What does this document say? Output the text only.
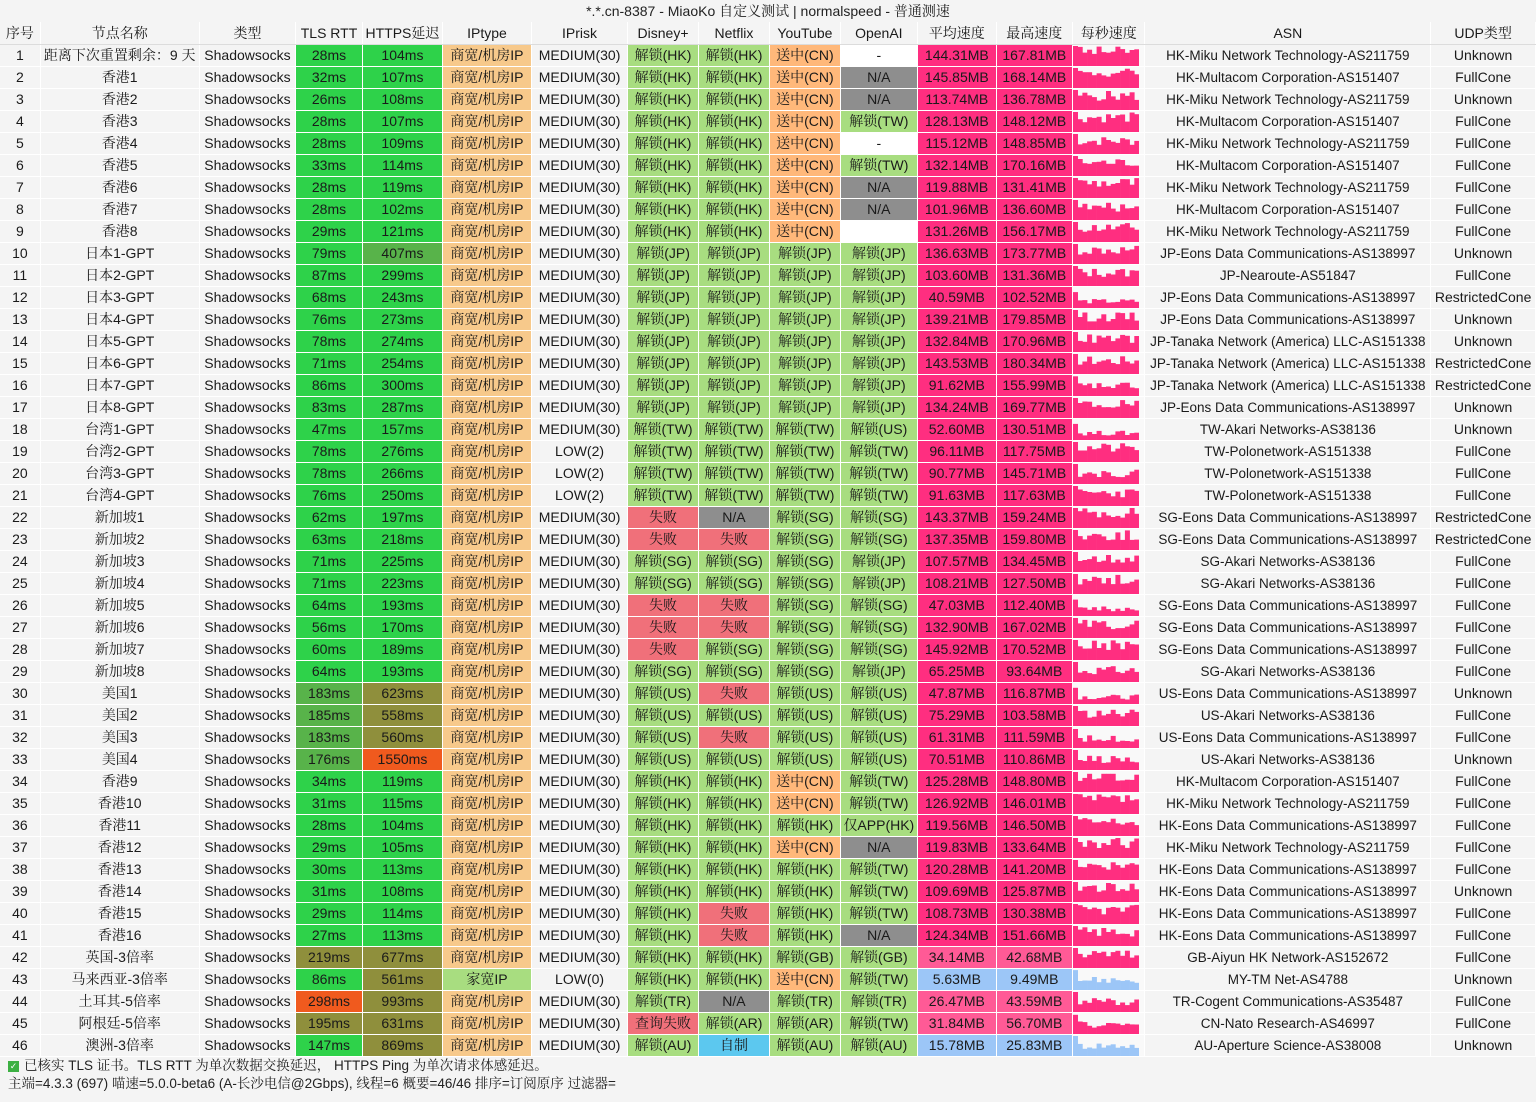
*.*.cn-8387 - MiaoKo 自定义测试 | normalspeed - 普通测速
序号	节点名称	类型	TLS RTT	HTTPS延迟	IPtype	IPrisk	Disney+	Netflix	YouTube	OpenAI	平均速度	最高速度	每秒速度	ASN	UDP类型
1	距离下次重置剩余：9 天	Shadowsocks	28ms	104ms	商宽/机房IP	MEDIUM(30)	解锁(HK)	解锁(HK)	送中(CN)	-	144.31MB	167.81MB		HK-Miku Network Technology-AS211759	Unknown
2	香港1	Shadowsocks	32ms	107ms	商宽/机房IP	MEDIUM(30)	解锁(HK)	解锁(HK)	送中(CN)	N/A	145.85MB	168.14MB		HK-Multacom Corporation-AS151407	FullCone
3	香港2	Shadowsocks	26ms	108ms	商宽/机房IP	MEDIUM(30)	解锁(HK)	解锁(HK)	送中(CN)	N/A	113.74MB	136.78MB		HK-Miku Network Technology-AS211759	Unknown
4	香港3	Shadowsocks	28ms	107ms	商宽/机房IP	MEDIUM(30)	解锁(HK)	解锁(HK)	送中(CN)	解锁(TW)	128.13MB	148.12MB		HK-Multacom Corporation-AS151407	FullCone
5	香港4	Shadowsocks	28ms	109ms	商宽/机房IP	MEDIUM(30)	解锁(HK)	解锁(HK)	送中(CN)	-	115.12MB	148.85MB		HK-Miku Network Technology-AS211759	FullCone
6	香港5	Shadowsocks	33ms	114ms	商宽/机房IP	MEDIUM(30)	解锁(HK)	解锁(HK)	送中(CN)	解锁(TW)	132.14MB	170.16MB		HK-Multacom Corporation-AS151407	FullCone
7	香港6	Shadowsocks	28ms	119ms	商宽/机房IP	MEDIUM(30)	解锁(HK)	解锁(HK)	送中(CN)	N/A	119.88MB	131.41MB		HK-Miku Network Technology-AS211759	FullCone
8	香港7	Shadowsocks	28ms	102ms	商宽/机房IP	MEDIUM(30)	解锁(HK)	解锁(HK)	送中(CN)	N/A	101.96MB	136.60MB		HK-Multacom Corporation-AS151407	FullCone
9	香港8	Shadowsocks	29ms	121ms	商宽/机房IP	MEDIUM(30)	解锁(HK)	解锁(HK)	送中(CN)		131.26MB	156.17MB		HK-Miku Network Technology-AS211759	FullCone
10	日本1-GPT	Shadowsocks	79ms	407ms	商宽/机房IP	MEDIUM(30)	解锁(JP)	解锁(JP)	解锁(JP)	解锁(JP)	136.63MB	173.77MB		JP-Eons Data Communications-AS138997	Unknown
11	日本2-GPT	Shadowsocks	87ms	299ms	商宽/机房IP	MEDIUM(30)	解锁(JP)	解锁(JP)	解锁(JP)	解锁(JP)	103.60MB	131.36MB		JP-Nearoute-AS51847	FullCone
12	日本3-GPT	Shadowsocks	68ms	243ms	商宽/机房IP	MEDIUM(30)	解锁(JP)	解锁(JP)	解锁(JP)	解锁(JP)	40.59MB	102.52MB		JP-Eons Data Communications-AS138997	RestrictedCone
13	日本4-GPT	Shadowsocks	76ms	273ms	商宽/机房IP	MEDIUM(30)	解锁(JP)	解锁(JP)	解锁(JP)	解锁(JP)	139.21MB	179.85MB		JP-Eons Data Communications-AS138997	Unknown
14	日本5-GPT	Shadowsocks	78ms	274ms	商宽/机房IP	MEDIUM(30)	解锁(JP)	解锁(JP)	解锁(JP)	解锁(JP)	132.84MB	170.96MB		JP-Tanaka Network (America) LLC-AS151338	Unknown
15	日本6-GPT	Shadowsocks	71ms	254ms	商宽/机房IP	MEDIUM(30)	解锁(JP)	解锁(JP)	解锁(JP)	解锁(JP)	143.53MB	180.34MB		JP-Tanaka Network (America) LLC-AS151338	RestrictedCone
16	日本7-GPT	Shadowsocks	86ms	300ms	商宽/机房IP	MEDIUM(30)	解锁(JP)	解锁(JP)	解锁(JP)	解锁(JP)	91.62MB	155.99MB		JP-Tanaka Network (America) LLC-AS151338	RestrictedCone
17	日本8-GPT	Shadowsocks	83ms	287ms	商宽/机房IP	MEDIUM(30)	解锁(JP)	解锁(JP)	解锁(JP)	解锁(JP)	134.24MB	169.77MB		JP-Eons Data Communications-AS138997	Unknown
18	台湾1-GPT	Shadowsocks	47ms	157ms	商宽/机房IP	MEDIUM(30)	解锁(TW)	解锁(TW)	解锁(TW)	解锁(US)	52.60MB	130.51MB		TW-Akari Networks-AS38136	Unknown
19	台湾2-GPT	Shadowsocks	78ms	276ms	商宽/机房IP	LOW(2)	解锁(TW)	解锁(TW)	解锁(TW)	解锁(TW)	96.11MB	117.75MB		TW-Polonetwork-AS151338	FullCone
20	台湾3-GPT	Shadowsocks	78ms	266ms	商宽/机房IP	LOW(2)	解锁(TW)	解锁(TW)	解锁(TW)	解锁(TW)	90.77MB	145.71MB		TW-Polonetwork-AS151338	FullCone
21	台湾4-GPT	Shadowsocks	76ms	250ms	商宽/机房IP	LOW(2)	解锁(TW)	解锁(TW)	解锁(TW)	解锁(TW)	91.63MB	117.63MB		TW-Polonetwork-AS151338	FullCone
22	新加坡1	Shadowsocks	62ms	197ms	商宽/机房IP	MEDIUM(30)	失败	N/A	解锁(SG)	解锁(SG)	143.37MB	159.24MB		SG-Eons Data Communications-AS138997	RestrictedCone
23	新加坡2	Shadowsocks	63ms	218ms	商宽/机房IP	MEDIUM(30)	失败	失败	解锁(SG)	解锁(SG)	137.35MB	159.80MB		SG-Eons Data Communications-AS138997	RestrictedCone
24	新加坡3	Shadowsocks	71ms	225ms	商宽/机房IP	MEDIUM(30)	解锁(SG)	解锁(SG)	解锁(SG)	解锁(JP)	107.57MB	134.45MB		SG-Akari Networks-AS38136	FullCone
25	新加坡4	Shadowsocks	71ms	223ms	商宽/机房IP	MEDIUM(30)	解锁(SG)	解锁(SG)	解锁(SG)	解锁(JP)	108.21MB	127.50MB		SG-Akari Networks-AS38136	FullCone
26	新加坡5	Shadowsocks	64ms	193ms	商宽/机房IP	MEDIUM(30)	失败	失败	解锁(SG)	解锁(SG)	47.03MB	112.40MB		SG-Eons Data Communications-AS138997	FullCone
27	新加坡6	Shadowsocks	56ms	170ms	商宽/机房IP	MEDIUM(30)	失败	失败	解锁(SG)	解锁(SG)	132.90MB	167.02MB		SG-Eons Data Communications-AS138997	FullCone
28	新加坡7	Shadowsocks	60ms	189ms	商宽/机房IP	MEDIUM(30)	失败	解锁(SG)	解锁(SG)	解锁(SG)	145.92MB	170.52MB		SG-Eons Data Communications-AS138997	FullCone
29	新加坡8	Shadowsocks	64ms	193ms	商宽/机房IP	MEDIUM(30)	解锁(SG)	解锁(SG)	解锁(SG)	解锁(JP)	65.25MB	93.64MB		SG-Akari Networks-AS38136	FullCone
30	美国1	Shadowsocks	183ms	623ms	商宽/机房IP	MEDIUM(30)	解锁(US)	失败	解锁(US)	解锁(US)	47.87MB	116.87MB		US-Eons Data Communications-AS138997	Unknown
31	美国2	Shadowsocks	185ms	558ms	商宽/机房IP	MEDIUM(30)	解锁(US)	解锁(US)	解锁(US)	解锁(US)	75.29MB	103.58MB		US-Akari Networks-AS38136	FullCone
32	美国3	Shadowsocks	183ms	560ms	商宽/机房IP	MEDIUM(30)	解锁(US)	失败	解锁(US)	解锁(US)	61.31MB	111.59MB		US-Eons Data Communications-AS138997	FullCone
33	美国4	Shadowsocks	176ms	1550ms	商宽/机房IP	MEDIUM(30)	解锁(US)	解锁(US)	解锁(US)	解锁(US)	70.51MB	110.86MB		US-Akari Networks-AS38136	Unknown
34	香港9	Shadowsocks	34ms	119ms	商宽/机房IP	MEDIUM(30)	解锁(HK)	解锁(HK)	送中(CN)	解锁(TW)	125.28MB	148.80MB		HK-Multacom Corporation-AS151407	FullCone
35	香港10	Shadowsocks	31ms	115ms	商宽/机房IP	MEDIUM(30)	解锁(HK)	解锁(HK)	送中(CN)	解锁(TW)	126.92MB	146.01MB		HK-Miku Network Technology-AS211759	FullCone
36	香港11	Shadowsocks	28ms	104ms	商宽/机房IP	MEDIUM(30)	解锁(HK)	解锁(HK)	解锁(HK)	仅APP(HK)	119.56MB	146.50MB		HK-Eons Data Communications-AS138997	FullCone
37	香港12	Shadowsocks	29ms	105ms	商宽/机房IP	MEDIUM(30)	解锁(HK)	解锁(HK)	送中(CN)	N/A	119.83MB	133.64MB		HK-Miku Network Technology-AS211759	FullCone
38	香港13	Shadowsocks	30ms	113ms	商宽/机房IP	MEDIUM(30)	解锁(HK)	解锁(HK)	解锁(HK)	解锁(TW)	120.28MB	141.20MB		HK-Eons Data Communications-AS138997	FullCone
39	香港14	Shadowsocks	31ms	108ms	商宽/机房IP	MEDIUM(30)	解锁(HK)	解锁(HK)	解锁(HK)	解锁(TW)	109.69MB	125.87MB		HK-Eons Data Communications-AS138997	Unknown
40	香港15	Shadowsocks	29ms	114ms	商宽/机房IP	MEDIUM(30)	解锁(HK)	失败	解锁(HK)	解锁(TW)	108.73MB	130.38MB		HK-Eons Data Communications-AS138997	FullCone
41	香港16	Shadowsocks	27ms	113ms	商宽/机房IP	MEDIUM(30)	解锁(HK)	失败	解锁(HK)	N/A	124.34MB	151.66MB		HK-Eons Data Communications-AS138997	FullCone
42	英国-3倍率	Shadowsocks	219ms	677ms	商宽/机房IP	MEDIUM(30)	解锁(HK)	解锁(HK)	解锁(GB)	解锁(GB)	34.14MB	42.68MB		GB-Aiyun HK Network-AS152672	FullCone
43	马来西亚-3倍率	Shadowsocks	86ms	561ms	家宽IP	LOW(0)	解锁(HK)	解锁(HK)	送中(CN)	解锁(TW)	5.63MB	9.49MB		MY-TM Net-AS4788	Unknown
44	土耳其-5倍率	Shadowsocks	298ms	993ms	商宽/机房IP	MEDIUM(30)	解锁(TR)	N/A	解锁(TR)	解锁(TR)	26.47MB	43.59MB		TR-Cogent Communications-AS35487	FullCone
45	阿根廷-5倍率	Shadowsocks	195ms	631ms	商宽/机房IP	MEDIUM(30)	查询失败	解锁(AR)	解锁(AR)	解锁(TW)	31.84MB	56.70MB		CN-Nato Research-AS46997	FullCone
46	澳洲-3倍率	Shadowsocks	147ms	869ms	商宽/机房IP	MEDIUM(30)	解锁(AU)	自制	解锁(AU)	解锁(AU)	15.78MB	25.83MB		AU-Aperture Science-AS38008	Unknown
✓ 已核实 TLS 证书。TLS RTT 为单次数据交换延迟， HTTPS Ping 为单次请求体感延迟。
主端=4.3.3 (697) 喵速=5.0.0-beta6 (A-长沙电信@2Gbps), 线程=6 概要=46/46 排序=订阅原序 过滤器=
